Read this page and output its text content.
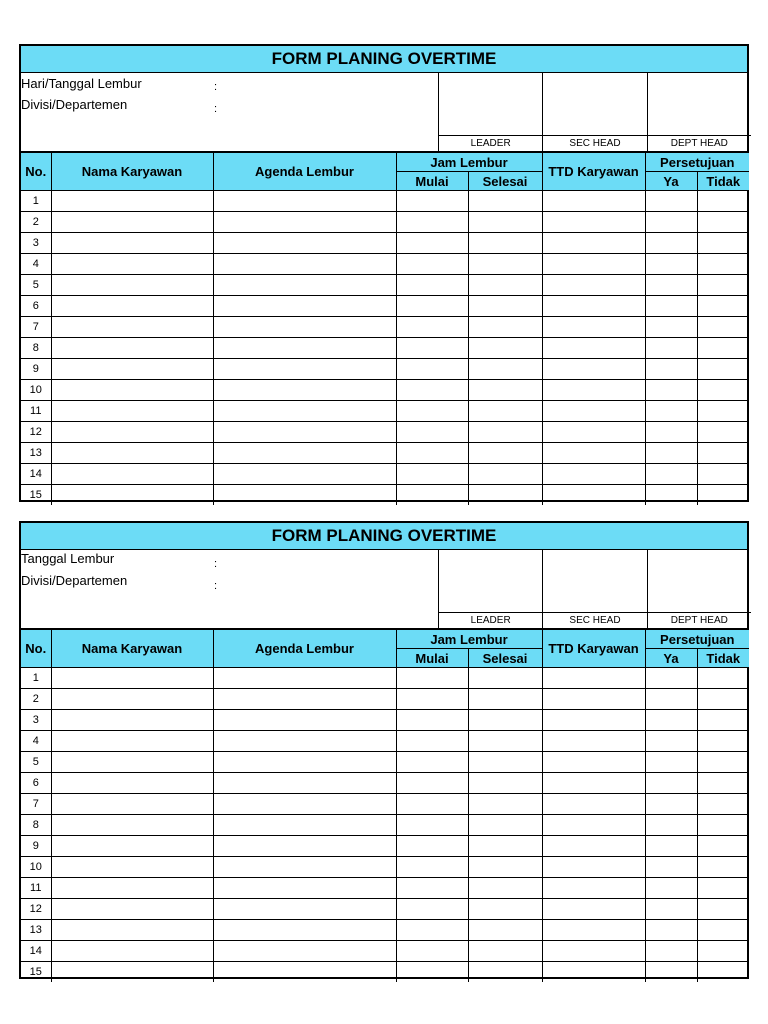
FORM PLANING OVERTIME
Hari/Tanggal Lembur	:
Divisi/Departemen	:
LEADER	SEC HEAD	DEPT HEAD
No.	Nama Karyawan	Agenda Lembur	Jam Lembur		TTD Karyawan	Persetujuan	
			Mulai	Selesai		Ya	Tidak
1							
2							
3							
4							
5							
6							
7							
8							
9							
10							
11							
12							
13							
14							
15							
FORM PLANING OVERTIME
Tanggal Lembur	:
Divisi/Departemen	:
LEADER	SEC HEAD	DEPT HEAD
No.	Nama Karyawan	Agenda Lembur	Jam Lembur		TTD Karyawan	Persetujuan	
			Mulai	Selesai		Ya	Tidak
1							
2							
3							
4							
5							
6							
7							
8							
9							
10							
11							
12							
13							
14							
15							
